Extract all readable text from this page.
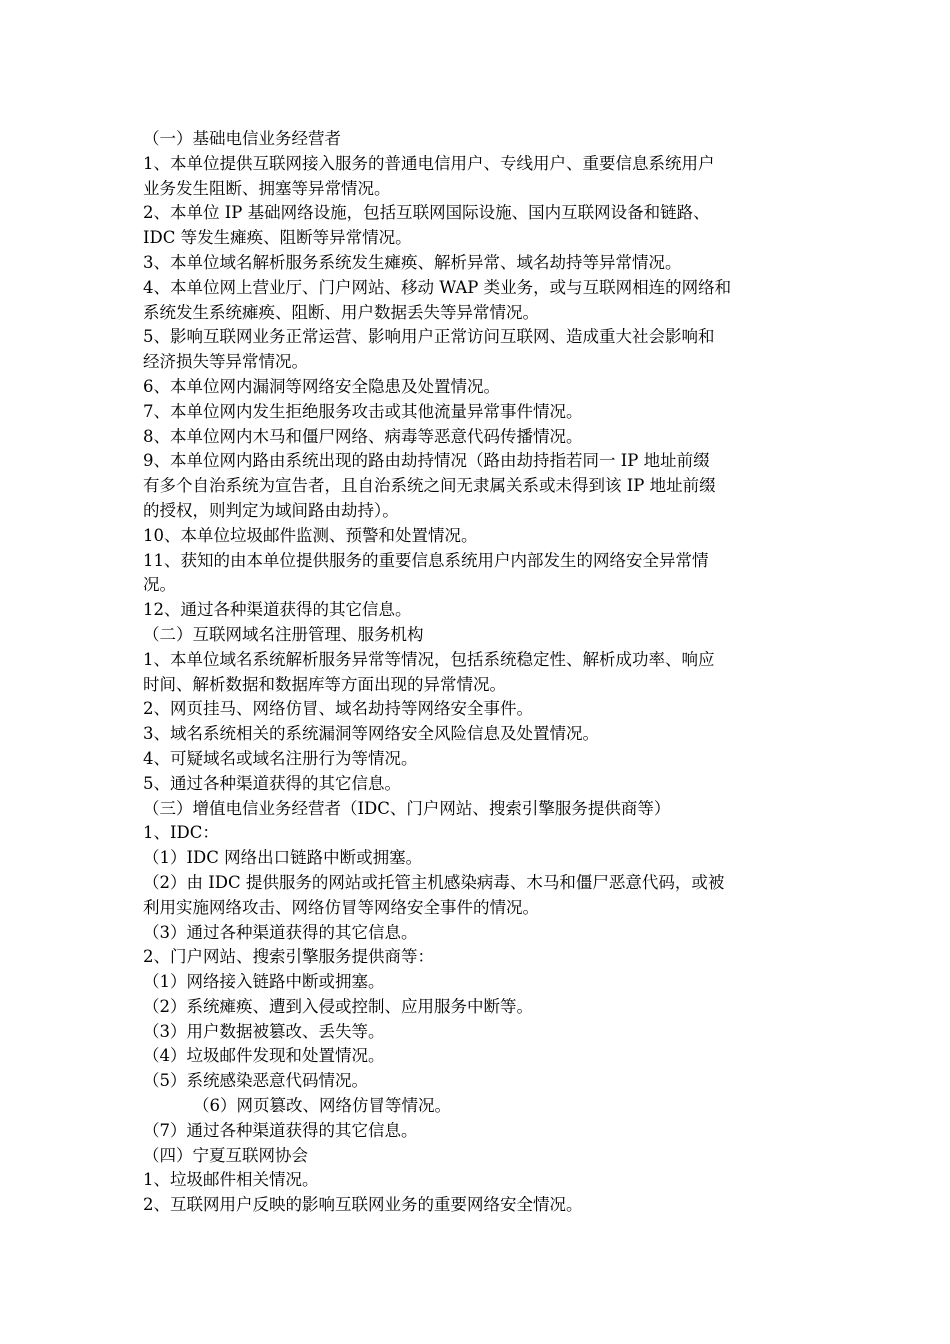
（一）基础电信业务经营者
1、本单位提供互联网接入服务的普通电信用户、专线用户、重要信息系统用户
业务发生阻断、拥塞等异常情况。
2、本单位 IP 基础网络设施，包括互联网国际设施、国内互联网设备和链路、
IDC 等发生瘫痪、阻断等异常情况。
3、本单位域名解析服务系统发生瘫痪、解析异常、域名劫持等异常情况。
4、本单位网上营业厅、门户网站、移动 WAP 类业务，或与互联网相连的网络和
系统发生系统瘫痪、阻断、用户数据丢失等异常情况。
5、影响互联网业务正常运营、影响用户正常访问互联网、造成重大社会影响和
经济损失等异常情况。
6、本单位网内漏洞等网络安全隐患及处置情况。
7、本单位网内发生拒绝服务攻击或其他流量异常事件情况。
8、本单位网内木马和僵尸网络、病毒等恶意代码传播情况。
9、本单位网内路由系统出现的路由劫持情况（路由劫持指若同一 IP 地址前缀
有多个自治系统为宣告者，且自治系统之间无隶属关系或未得到该 IP 地址前缀
的授权，则判定为域间路由劫持）。
10、本单位垃圾邮件监测、预警和处置情况。
11、获知的由本单位提供服务的重要信息系统用户内部发生的网络安全异常情
况。
12、通过各种渠道获得的其它信息。
（二）互联网域名注册管理、服务机构
1、本单位域名系统解析服务异常等情况，包括系统稳定性、解析成功率、响应
时间、解析数据和数据库等方面出现的异常情况。
2、网页挂马、网络仿冒、域名劫持等网络安全事件。
3、域名系统相关的系统漏洞等网络安全风险信息及处置情况。
4、可疑域名或域名注册行为等情况。
5、通过各种渠道获得的其它信息。
（三）增值电信业务经营者（IDC、门户网站、搜索引擎服务提供商等）
1、IDC：
（1）IDC 网络出口链路中断或拥塞。
（2）由 IDC 提供服务的网站或托管主机感染病毒、木马和僵尸恶意代码，或被
利用实施网络攻击、网络仿冒等网络安全事件的情况。
（3）通过各种渠道获得的其它信息。
2、门户网站、搜索引擎服务提供商等：
（1）网络接入链路中断或拥塞。
（2）系统瘫痪、遭到入侵或控制、应用服务中断等。
（3）用户数据被篡改、丢失等。
（4）垃圾邮件发现和处置情况。
（5）系统感染恶意代码情况。
（6）网页篡改、网络仿冒等情况。
（7）通过各种渠道获得的其它信息。
（四）宁夏互联网协会
1、垃圾邮件相关情况。
2、互联网用户反映的影响互联网业务的重要网络安全情况。
